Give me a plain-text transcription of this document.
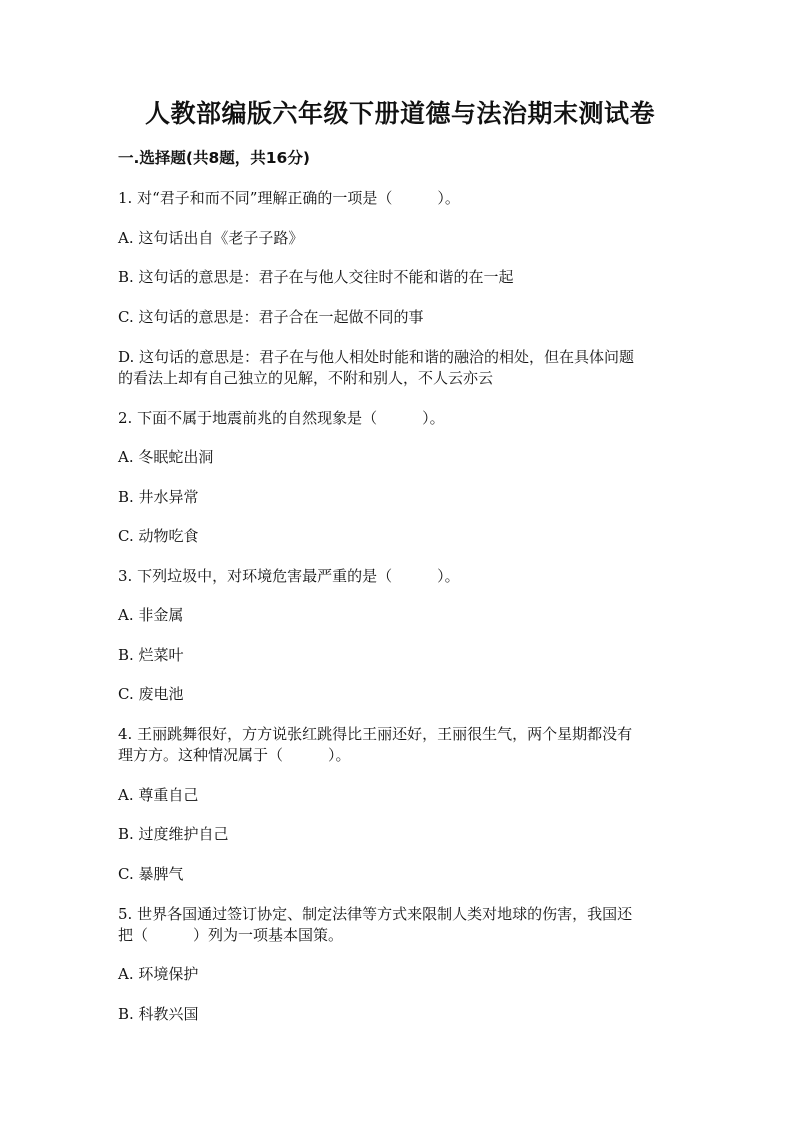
人教部编版六年级下册道德与法治期末测试卷
一.选择题(共8题，共16分)

1. 对“君子和而不同”理解正确的一项是（　　　）。

A. 这句话出自《老子子路》

B. 这句话的意思是：君子在与他人交往时不能和谐的在一起

C. 这句话的意思是：君子合在一起做不同的事

D. 这句话的意思是：君子在与他人相处时能和谐的融洽的相处，但在具体问题

的看法上却有自己独立的见解，不附和别人，不人云亦云

2. 下面不属于地震前兆的自然现象是（　　　）。

A. 冬眠蛇出洞

B. 井水异常

C. 动物吃食

3. 下列垃圾中，对环境危害最严重的是（　　　）。

A. 非金属

B. 烂菜叶

C. 废电池

4. 王丽跳舞很好，方方说张红跳得比王丽还好，王丽很生气，两个星期都没有

理方方。这种情况属于（　　　）。

A. 尊重自己

B. 过度维护自己

C. 暴脾气

5. 世界各国通过签订协定、制定法律等方式来限制人类对地球的伤害，我国还

把（　　　）列为一项基本国策。

A. 环境保护

B. 科教兴国
